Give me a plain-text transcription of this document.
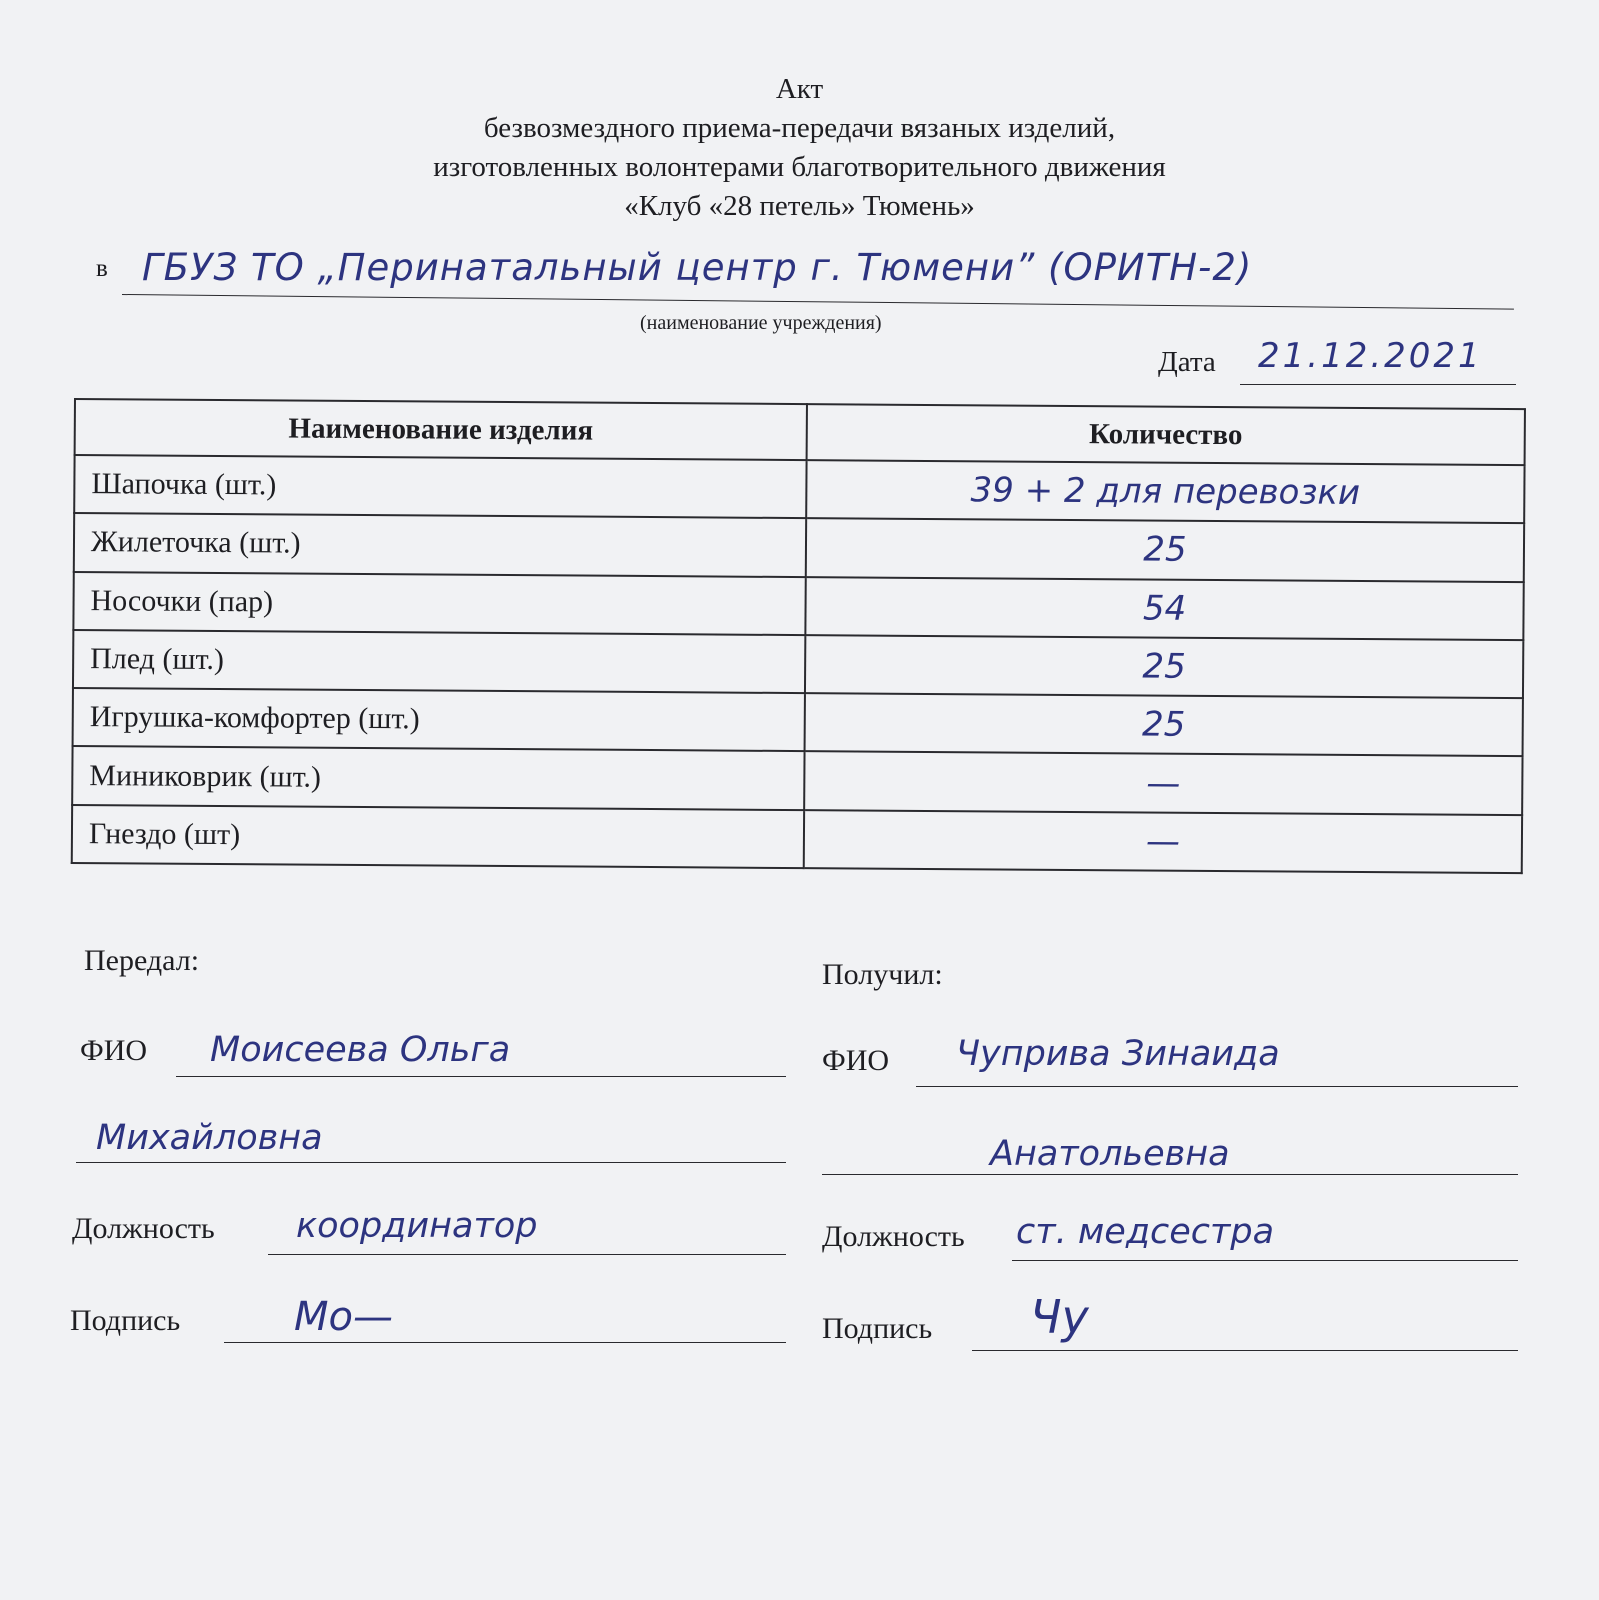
Акт
безвозмездного приема-передачи вязаных изделий,
изготовленных волонтерами благотворительного движения
«Клуб «28 петель» Тюмень»
в ГБУЗ ТО „Перинатальный центр г. Тюмени” (ОРИТН-2)
(наименование учреждения)
Дата 21.12.2021
Наименование изделия	Количество
Шапочка (шт.)	39 + 2 для перевозки
Жилеточка (шт.)	25
Носочки (пар)	54
Плед (шт.)	25
Игрушка-комфортер (шт.)	25
Миниковрик (шт.)	—
Гнездо (шт)	—
Передал:
ФИО Моисеева Ольга
Михайловна
Должность координатор
Подпись	Мо—
Получил:
ФИО Чуприва Зинаида
Анатольевна
Должность ст. медсестра
Подпись Чу
